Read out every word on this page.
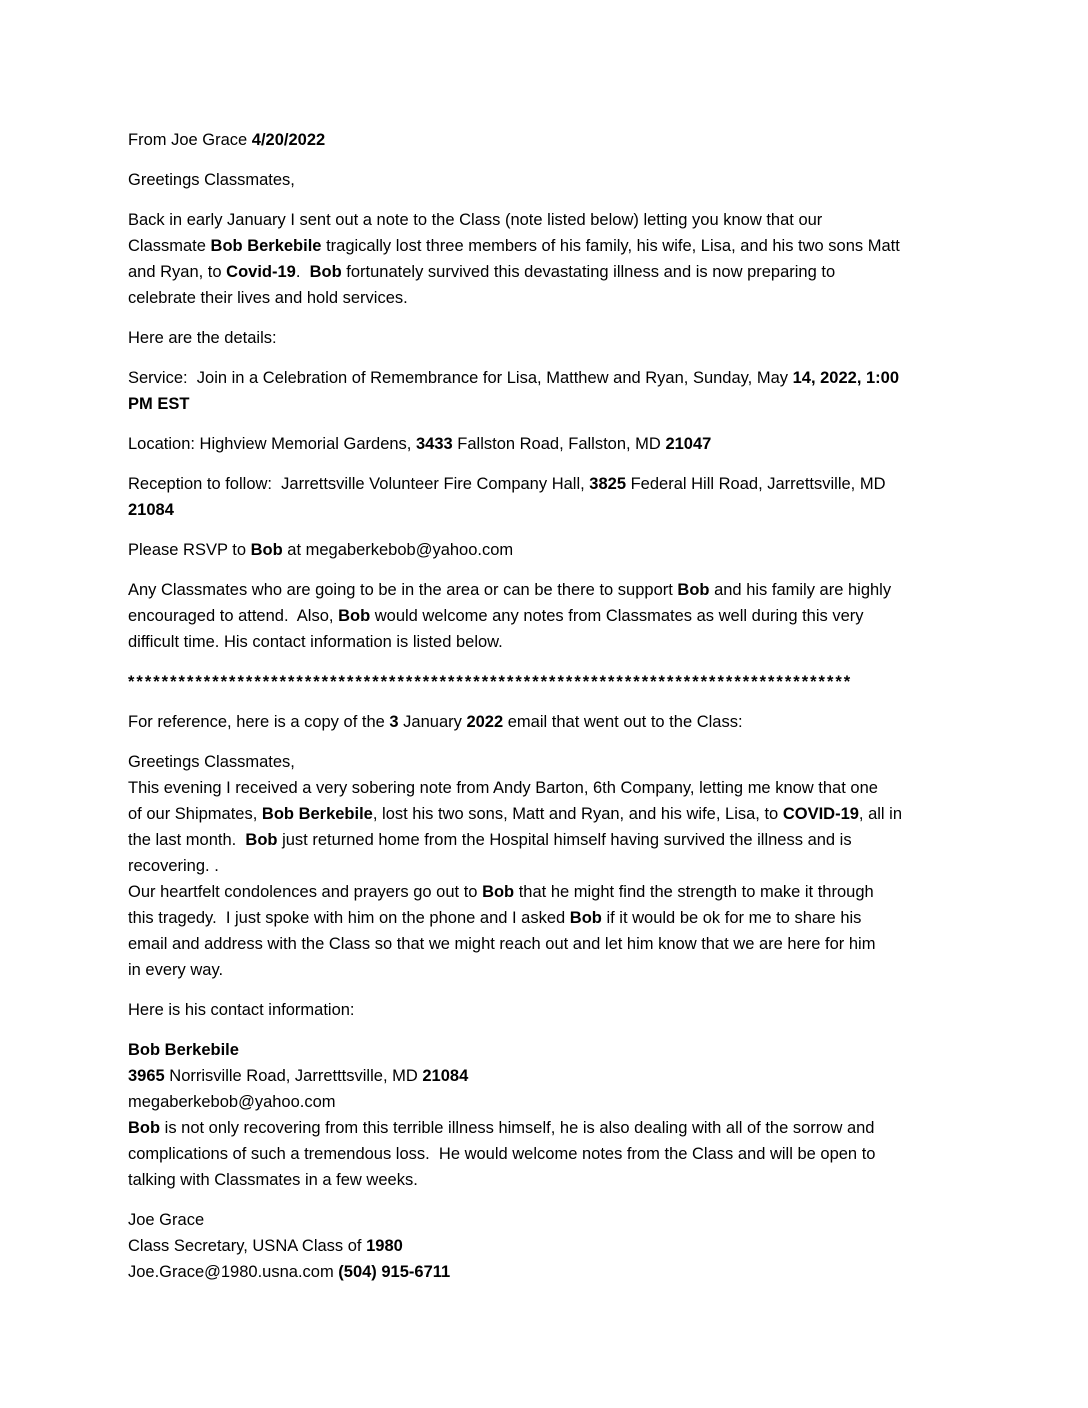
From Joe Grace 4/20/2022

Greetings Classmates,

Back in early January I sent out a note to the Class (note listed below) letting you know that our
Classmate Bob Berkebile tragically lost three members of his family, his wife, Lisa, and his two sons Matt
and Ryan, to Covid-19.  Bob fortunately survived this devastating illness and is now preparing to
celebrate their lives and hold services.

Here are the details:

Service:  Join in a Celebration of Remembrance for Lisa, Matthew and Ryan, Sunday, May 14, 2022, 1:00
PM EST

Location: Highview Memorial Gardens, 3433 Fallston Road, Fallston, MD 21047

Reception to follow:  Jarrettsville Volunteer Fire Company Hall, 3825 Federal Hill Road, Jarrettsville, MD
21084

Please RSVP to Bob at megaberkebob@yahoo.com

Any Classmates who are going to be in the area or can be there to support Bob and his family are highly
encouraged to attend.  Also, Bob would welcome any notes from Classmates as well during this very
difficult time. His contact information is listed below.

**************************************************************************************

For reference, here is a copy of the 3 January 2022 email that went out to the Class:

Greetings Classmates,
This evening I received a very sobering note from Andy Barton, 6th Company, letting me know that one
of our Shipmates, Bob Berkebile, lost his two sons, Matt and Ryan, and his wife, Lisa, to COVID-19, all in
the last month.  Bob just returned home from the Hospital himself having survived the illness and is
recovering. .
Our heartfelt condolences and prayers go out to Bob that he might find the strength to make it through
this tragedy.  I just spoke with him on the phone and I asked Bob if it would be ok for me to share his
email and address with the Class so that we might reach out and let him know that we are here for him
in every way.

Here is his contact information:

Bob Berkebile
3965 Norrisville Road, Jarretttsville, MD 21084
megaberkebob@yahoo.com
Bob is not only recovering from this terrible illness himself, he is also dealing with all of the sorrow and
complications of such a tremendous loss.  He would welcome notes from the Class and will be open to
talking with Classmates in a few weeks.

Joe Grace
Class Secretary, USNA Class of 1980
Joe.Grace@1980.usna.com (504) 915-6711
